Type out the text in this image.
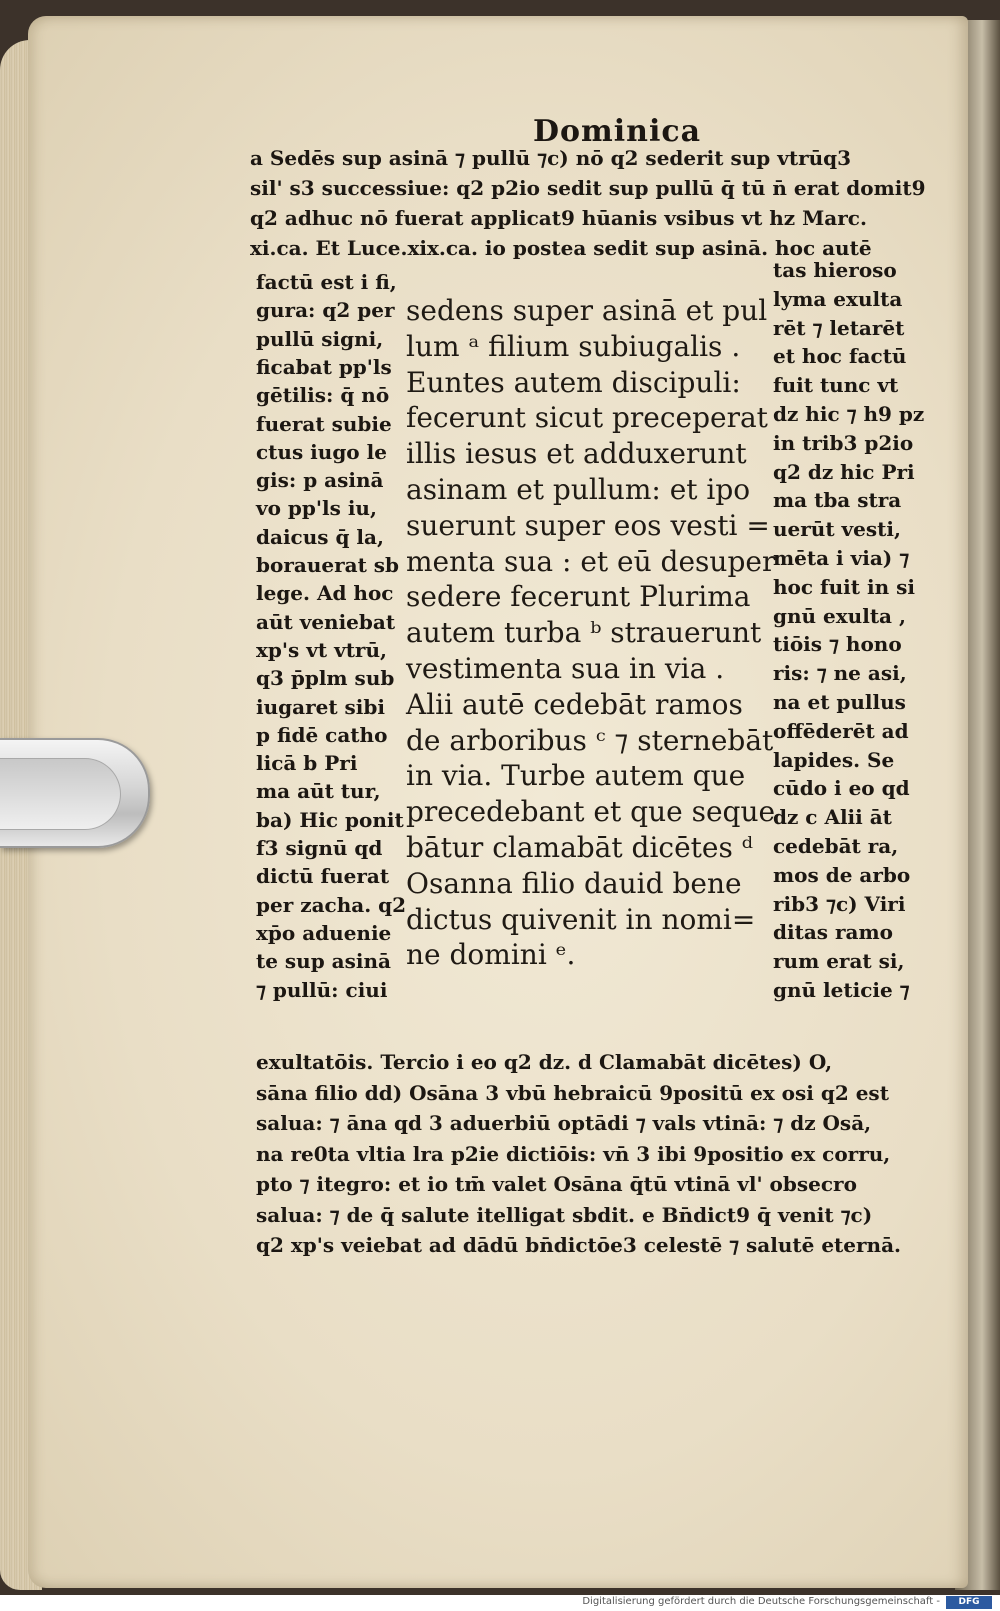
Dominica
a Sedēs sup asinā ⁊ pullū ⁊c) nō q2 sederit sup vtrūq3
sil' s3 successiue: q2 p2io sedit sup pullū q̄ tū n̄ erat domit9
q2 adhuc nō fuerat applicat9 hūanis vsibus vt hz Marc.
xi.ca. Et Luce.xix.ca. io postea sedit sup asinā. hoc autē
factū est i fi,
gura: q2 per
pullū signi,
ficabat pp'ls
gētilis: q̄ nō
fuerat subie
ctus iugo le
gis: p asinā
vo pp'ls iu,
daicus q̄ la,
borauerat sb
lege. Ad hoc
aūt veniebat
xp's vt vtrū,
q3 p̄plm sub
iugaret sibi
p fidē catho
licā b Pri
ma aūt tur,
ba) Hic ponit
f3 signū qd
dictū fuerat
per zacha. q2
xp̄o aduenie
te sup asinā
⁊ pullū: ciui
sedens super asinā et pul
lum ᵃ filium subiugalis .
Euntes autem discipuli:
fecerunt sicut preceperat
illis iesus et adduxerunt
asinam et pullum: et ipo
suerunt super eos vesti =
menta sua : et eū desuper
sedere fecerunt Plurima
autem turba ᵇ strauerunt
vestimenta sua in via .
Alii autē cedebāt ramos
de arboribus ᶜ ⁊ sternebāt
in via. Turbe autem que
precedebant et que seque
bātur clamabāt dicētes ᵈ
Osanna filio dauid bene
dictus quivenit in nomi=
ne domini ᵉ.
tas hieroso
lyma exulta
rēt ⁊ letarēt
et hoc factū
fuit tunc vt
dz hic ⁊ h9 pz
in trib3 p2io
q2 dz hic Pri
ma tba stra
uerūt vesti,
mēta i via) ⁊
hoc fuit in si
gnū exulta ,
tiōis ⁊ hono
ris: ⁊ ne asi,
na et pullus
offēderēt ad
lapides. Se
cūdo i eo qd
dz c Alii āt
cedebāt ra,
mos de arbo
rib3 ⁊c) Viri
ditas ramo
rum erat si,
gnū leticie ⁊
exultatōis. Tercio i eo q2 dz. d Clamabāt dicētes) O,
sāna filio dd) Osāna 3 vbū hebraicū 9positū ex osi q2 est
salua: ⁊ āna qd 3 aduerbiū optādi ⁊ vals vtinā: ⁊ dz Osā,
na re0ta vltia lra p2ie dictiōis: vn̄ 3 ibi 9positio ex corru,
pto ⁊ itegro: et io tm̄ valet Osāna q̄tū vtinā vl' obsecro
salua: ⁊ de q̄ salute itelligat sbdit. e Bn̄dict9 q̄ venit ⁊c)
q2 xp's veiebat ad dādū bn̄dictōe3 celestē ⁊ salutē eternā.
Digitalisierung gefördert durch die Deutsche Forschungsgemeinschaft -	DFG
